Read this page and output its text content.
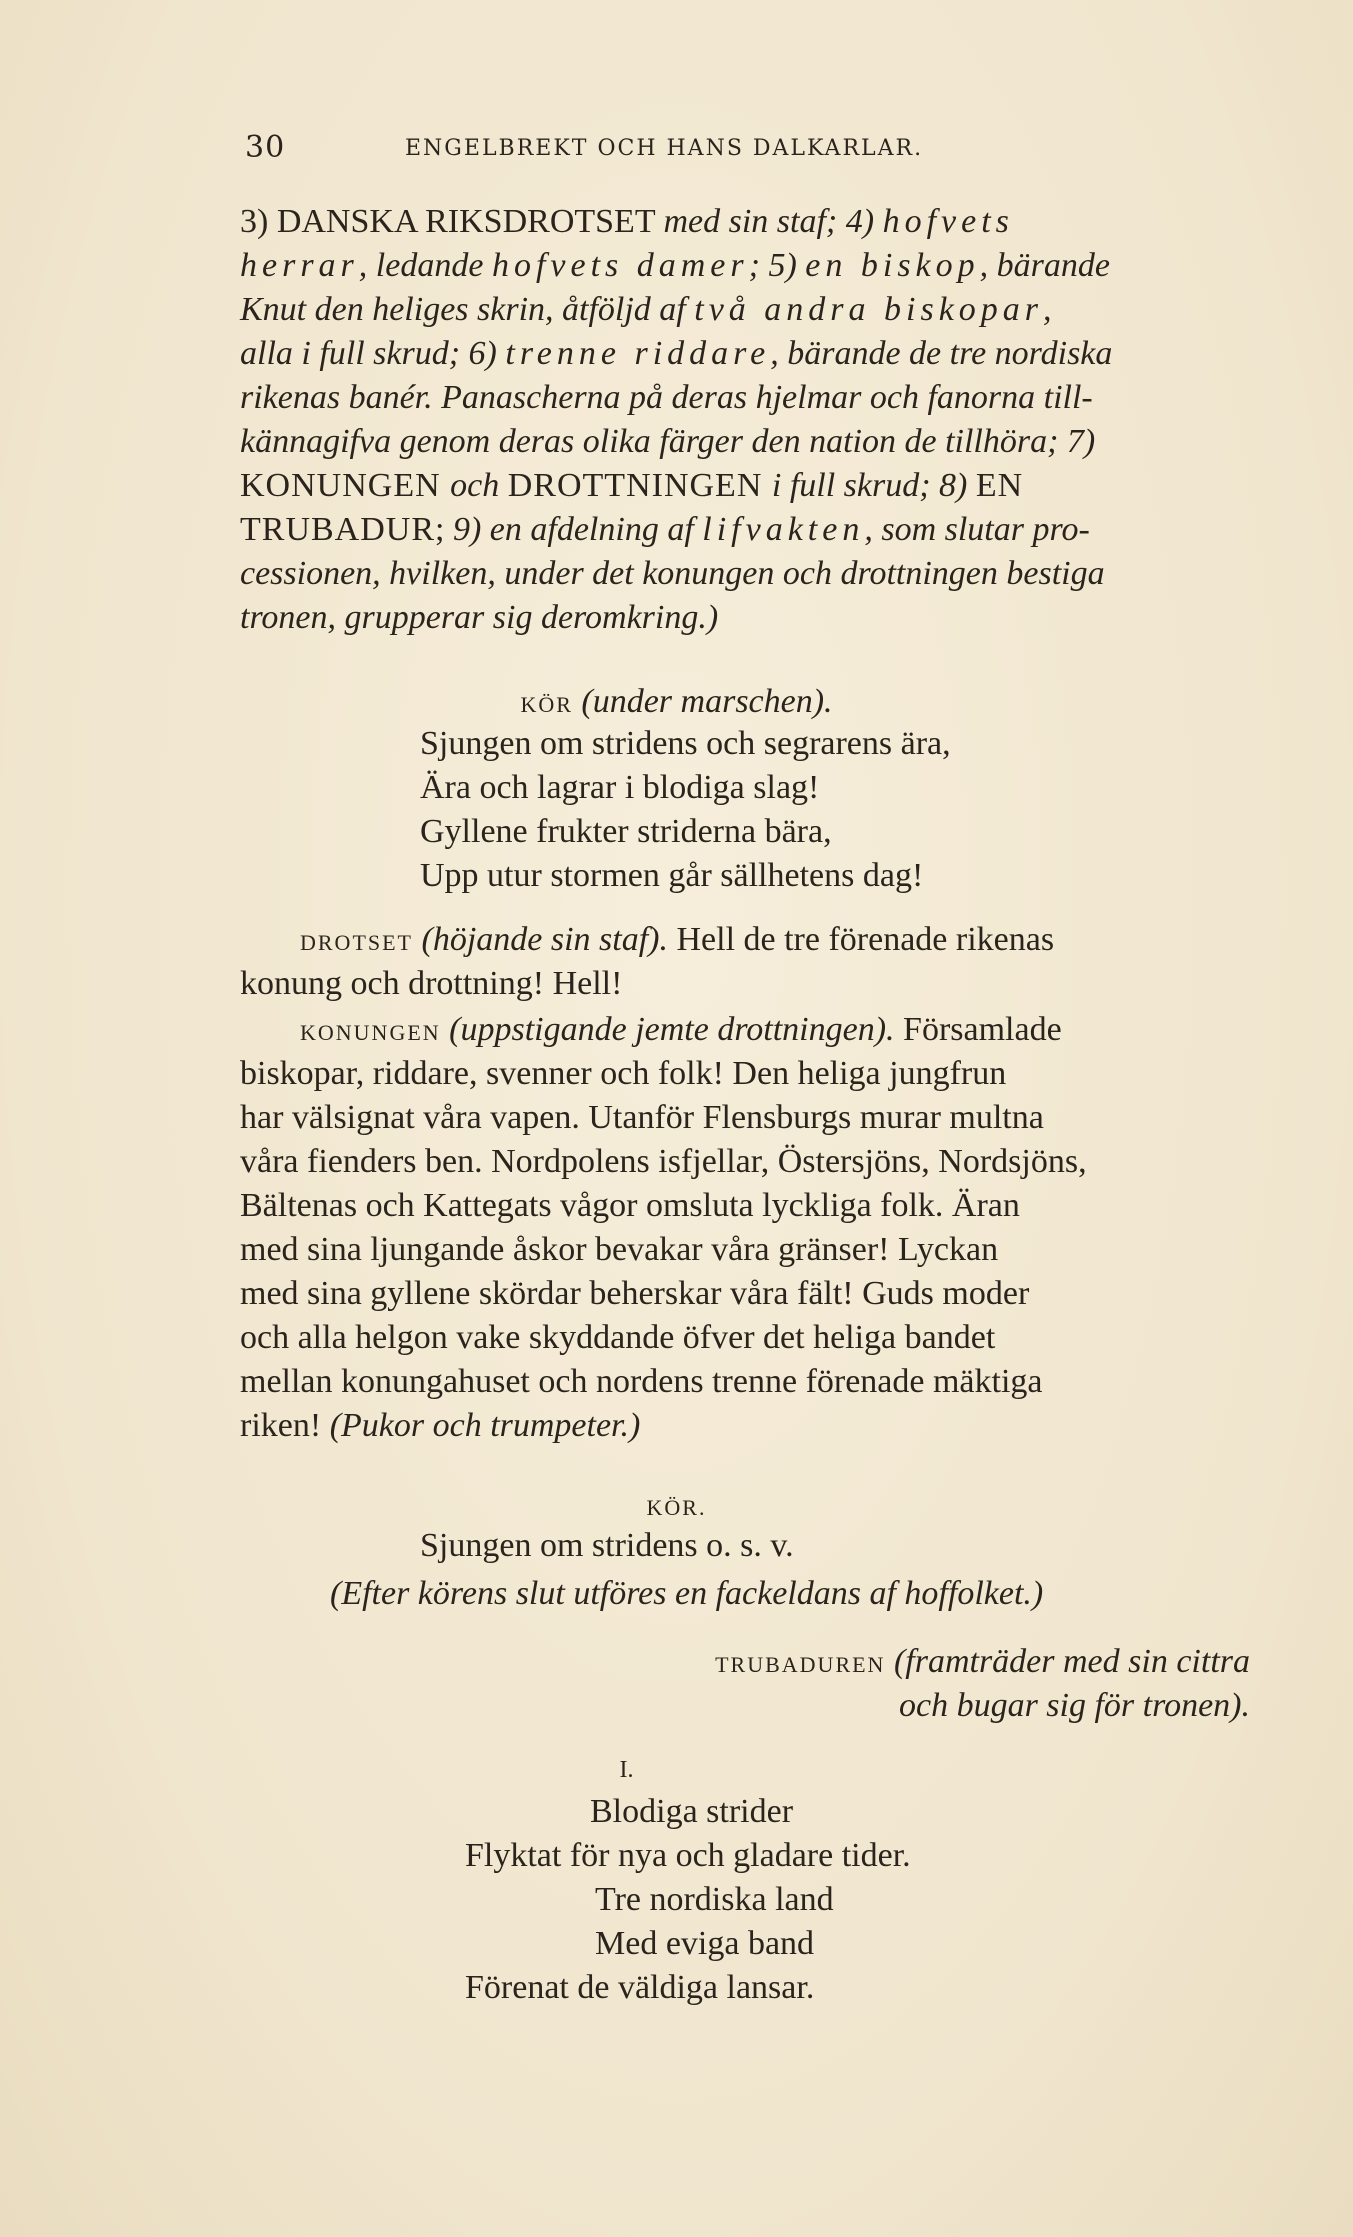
30	ENGELBREKT OCH HANS DALKARLAR.
3) DANSKA RIKSDROTSET med sin staf; 4) hofvets
herrar, ledande hofvets damer; 5) en biskop, bärande
Knut den heliges skrin, åtföljd af två andra biskopar,
alla i full skrud; 6) trenne riddare, bärande de tre nordiska
rikenas banér. Panascherna på deras hjelmar och fanorna till-
kännagifva genom deras olika färger den nation de tillhöra; 7)
KONUNGEN och DROTTNINGEN i full skrud; 8) EN
TRUBADUR; 9) en afdelning af lifvakten, som slutar pro-
cessionen, hvilken, under det konungen och drottningen bestiga
tronen, grupperar sig deromkring.)
KÖR (under marschen).
Sjungen om stridens och segrarens ära,
Ära och lagrar i blodiga slag!
Gyllene frukter striderna bära,
Upp utur stormen går sällhetens dag!
DROTSET (höjande sin staf). Hell de tre förenade rikenas
konung och drottning! Hell!
KONUNGEN (uppstigande jemte drottningen). Församlade
biskopar, riddare, svenner och folk! Den heliga jungfrun
har välsignat våra vapen. Utanför Flensburgs murar multna
våra fienders ben. Nordpolens isfjellar, Östersjöns, Nordsjöns,
Bältenas och Kattegats vågor omsluta lyckliga folk. Äran
med sina ljungande åskor bevakar våra gränser! Lyckan
med sina gyllene skördar beherskar våra fält! Guds moder
och alla helgon vake skyddande öfver det heliga bandet
mellan konungahuset och nordens trenne förenade mäktiga
riken! (Pukor och trumpeter.)
KÖR.
Sjungen om stridens o. s. v.
(Efter körens slut utföres en fackeldans af hoffolket.)
TRUBADUREN (framträder med sin cittra
och bugar sig för tronen).
I.
Blodiga strider
Flyktat för nya och gladare tider.
Tre nordiska land
Med eviga band
Förenat de väldiga lansar.
